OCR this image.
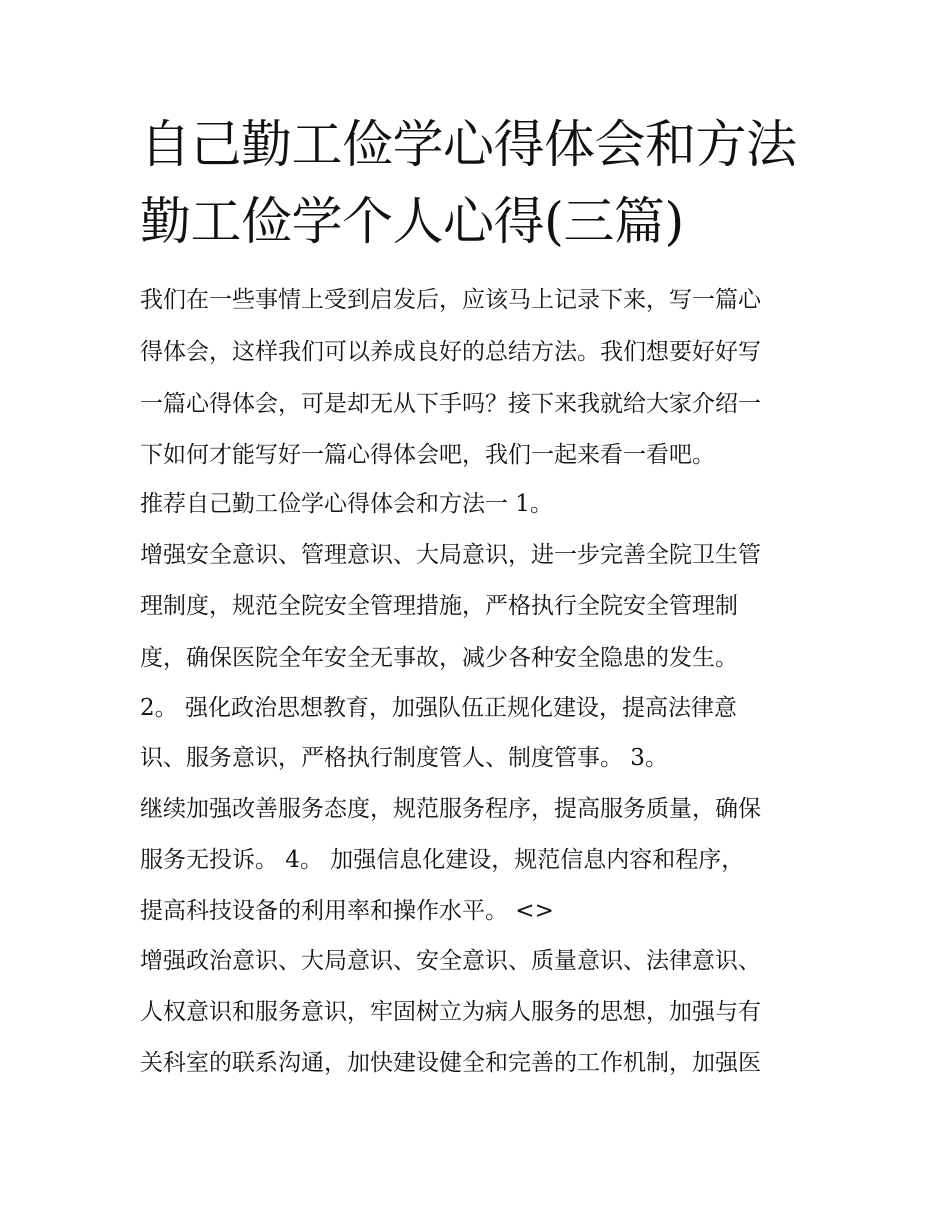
自己勤工俭学心得体会和方法
勤工俭学个人心得(三篇)

我们在一些事情上受到启发后，应该马上记录下来，写一篇心

得体会，这样我们可以养成良好的总结方法。我们想要好好写

一篇心得体会，可是却无从下手吗？接下来我就给大家介绍一

下如何才能写好一篇心得体会吧，我们一起来看一看吧。

推荐自己勤工俭学心得体会和方法一 1。

增强安全意识、管理意识、大局意识，进一步完善全院卫生管

理制度，规范全院安全管理措施，严格执行全院安全管理制

度，确保医院全年安全无事故，减少各种安全隐患的发生。

2。 强化政治思想教育，加强队伍正规化建设，提高法律意

识、服务意识，严格执行制度管人、制度管事。 3。

继续加强改善服务态度，规范服务程序，提高服务质量，确保

服务无投诉。 4。 加强信息化建设，规范信息内容和程序，

提高科技设备的利用率和操作水平。 <>

增强政治意识、大局意识、安全意识、质量意识、法律意识、

人权意识和服务意识，牢固树立为病人服务的思想，加强与有

关科室的联系沟通，加快建设健全和完善的工作机制，加强医
